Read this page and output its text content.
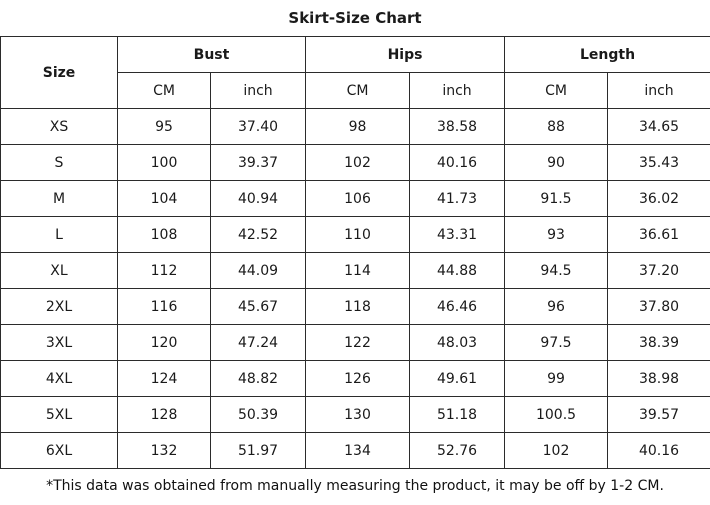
Skirt-Size Chart
Size	Bust		Hips		Length	
	CM	inch	CM	inch	CM	inch
XS	95	37.40	98	38.58	88	34.65
S	100	39.37	102	40.16	90	35.43
M	104	40.94	106	41.73	91.5	36.02
L	108	42.52	110	43.31	93	36.61
XL	112	44.09	114	44.88	94.5	37.20
2XL	116	45.67	118	46.46	96	37.80
3XL	120	47.24	122	48.03	97.5	38.39
4XL	124	48.82	126	49.61	99	38.98
5XL	128	50.39	130	51.18	100.5	39.57
6XL	132	51.97	134	52.76	102	40.16
*This data was obtained from manually measuring the product, it may be off by 1-2 CM.
